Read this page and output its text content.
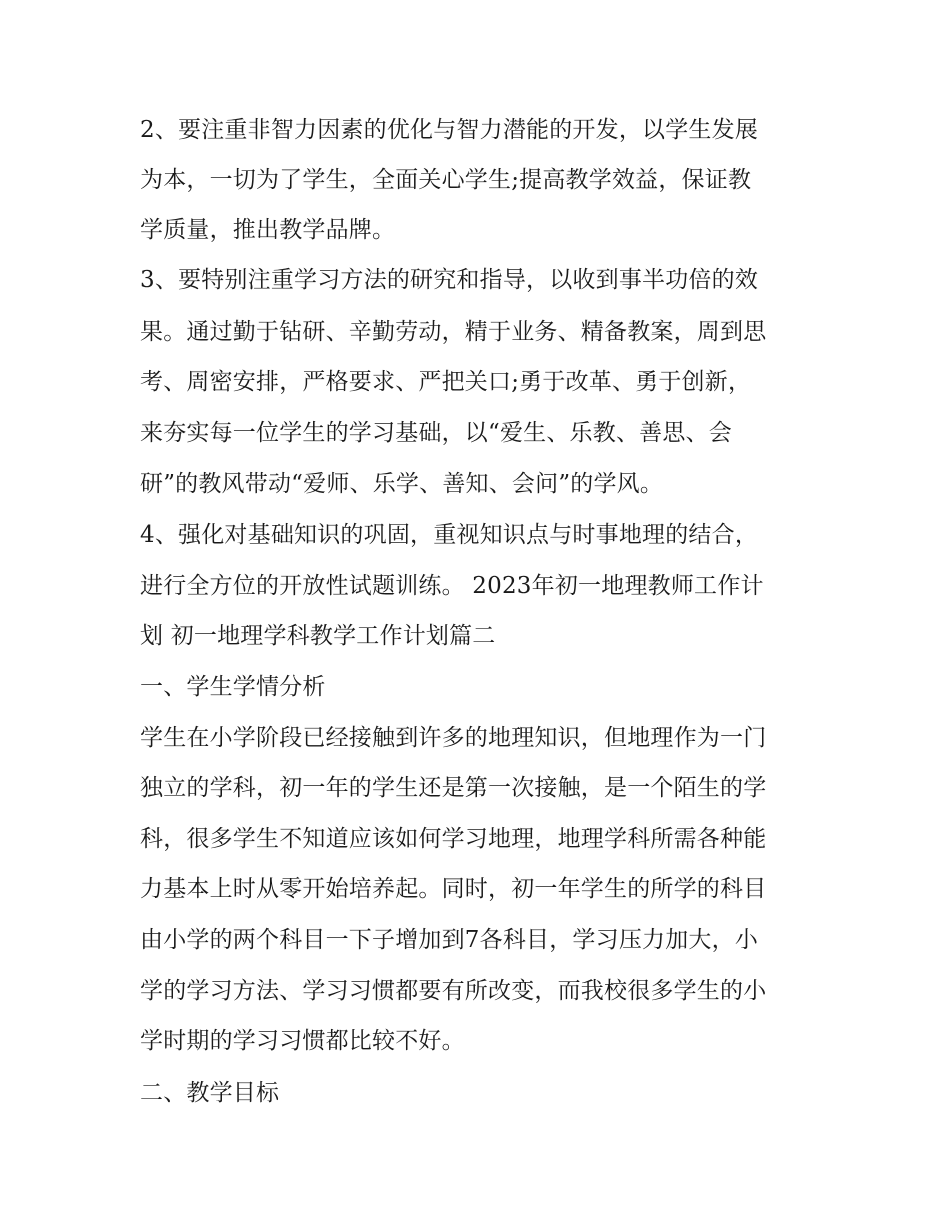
2、要注重非智力因素的优化与智力潜能的开发，以学生发展
为本，一切为了学生，全面关心学生;提高教学效益，保证教
学质量，推出教学品牌。
3、要特别注重学习方法的研究和指导，以收到事半功倍的效
果。通过勤于钻研、辛勤劳动，精于业务、精备教案，周到思
考、周密安排，严格要求、严把关口;勇于改革、勇于创新，
来夯实每一位学生的学习基础，以“爱生、乐教、善思、会
研”的教风带动“爱师、乐学、善知、会问”的学风。
4、强化对基础知识的巩固，重视知识点与时事地理的结合，
进行全方位的开放性试题训练。 2023年初一地理教师工作计
划 初一地理学科教学工作计划篇二
一、学生学情分析
学生在小学阶段已经接触到许多的地理知识，但地理作为一门
独立的学科，初一年的学生还是第一次接触，是一个陌生的学
科，很多学生不知道应该如何学习地理，地理学科所需各种能
力基本上时从零开始培养起。同时，初一年学生的所学的科目
由小学的两个科目一下子增加到7各科目，学习压力加大，小
学的学习方法、学习习惯都要有所改变，而我校很多学生的小
学时期的学习习惯都比较不好。
二、教学目标
